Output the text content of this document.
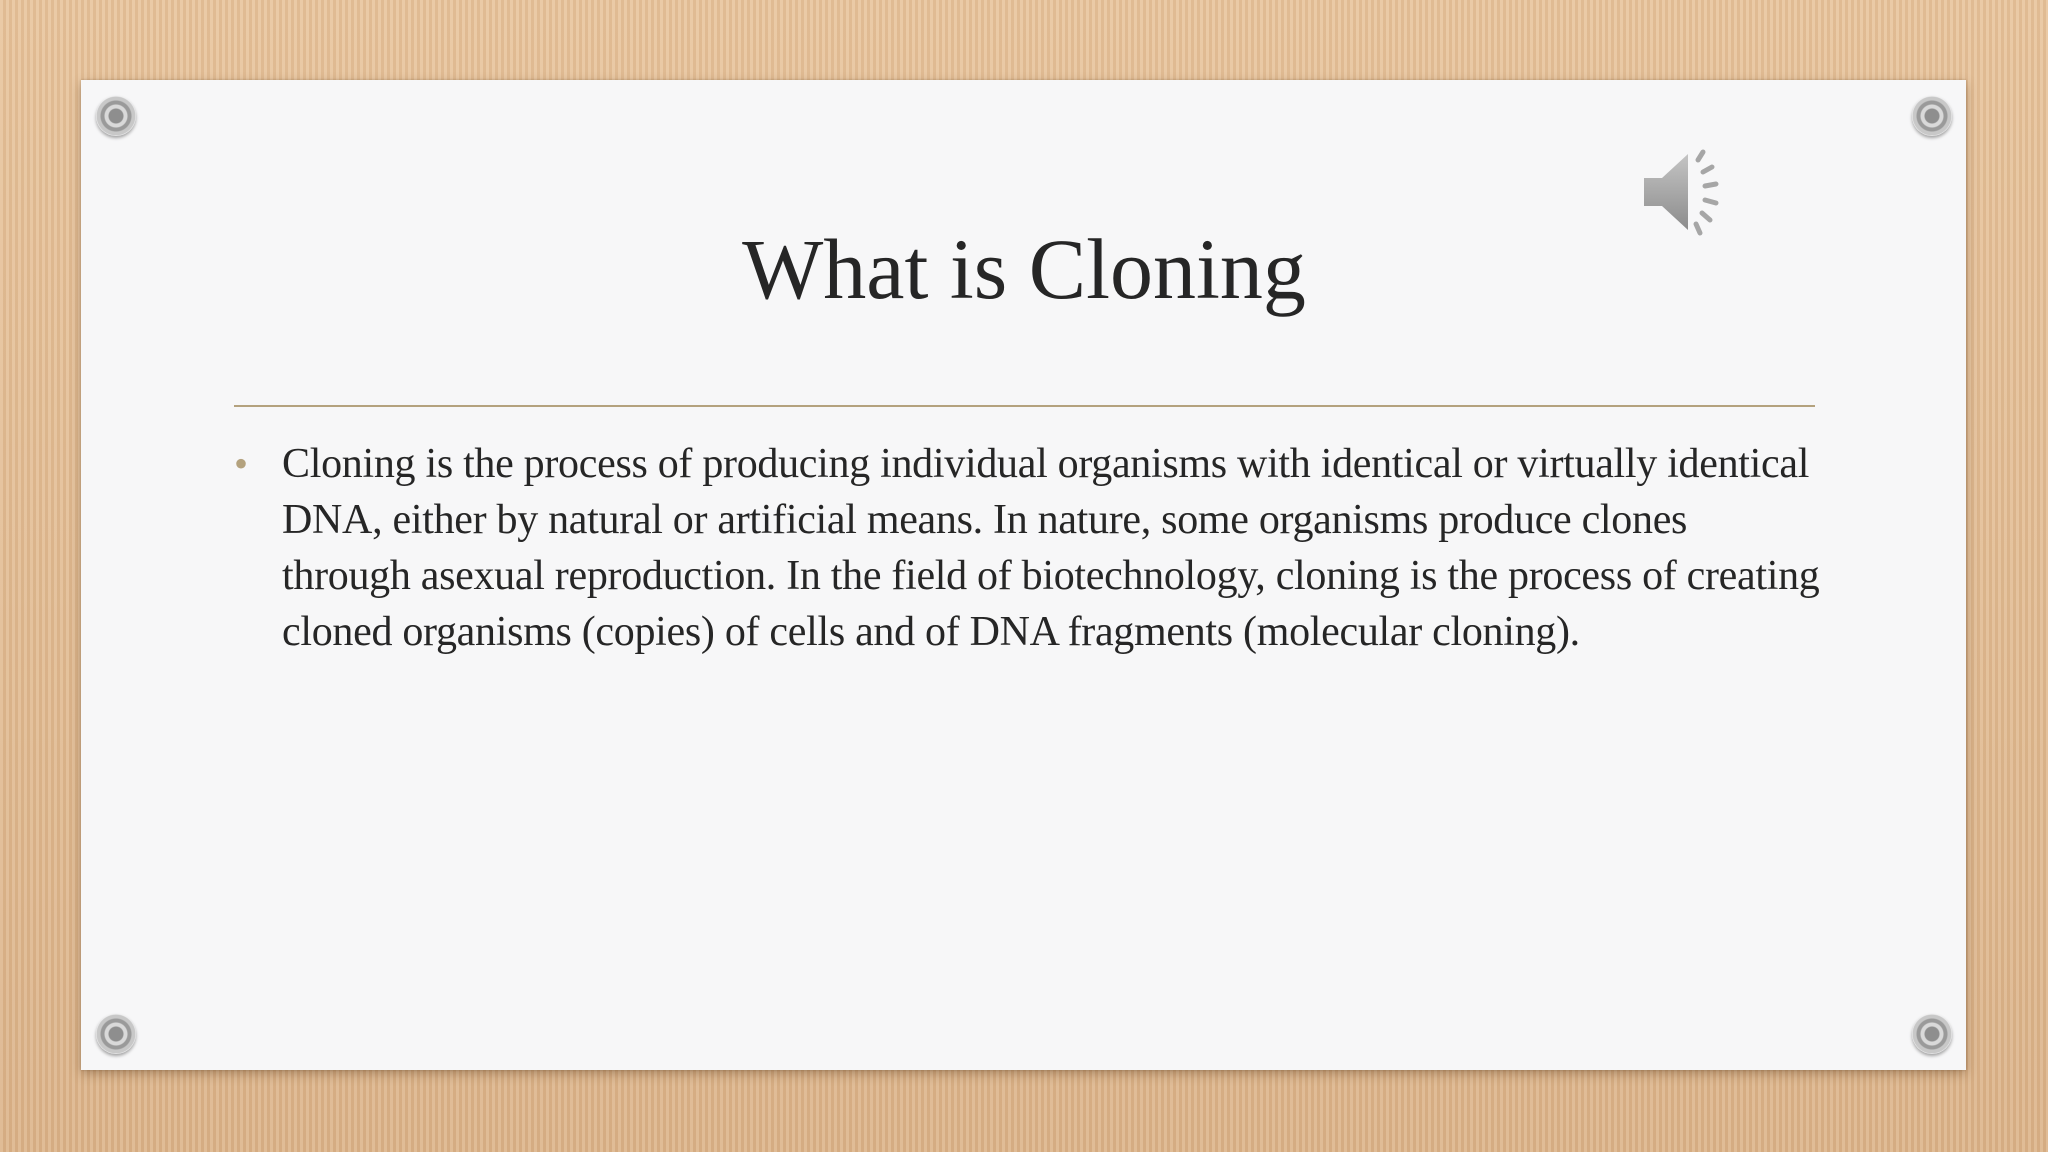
What is Cloning
• Cloning is the process of producing individual organisms with identical or virtually identical DNA, either by natural or artificial means. In nature, some organisms produce clones through asexual reproduction. In the field of biotechnology, cloning is the process of creating cloned organisms (copies) of cells and of DNA fragments (molecular cloning).
